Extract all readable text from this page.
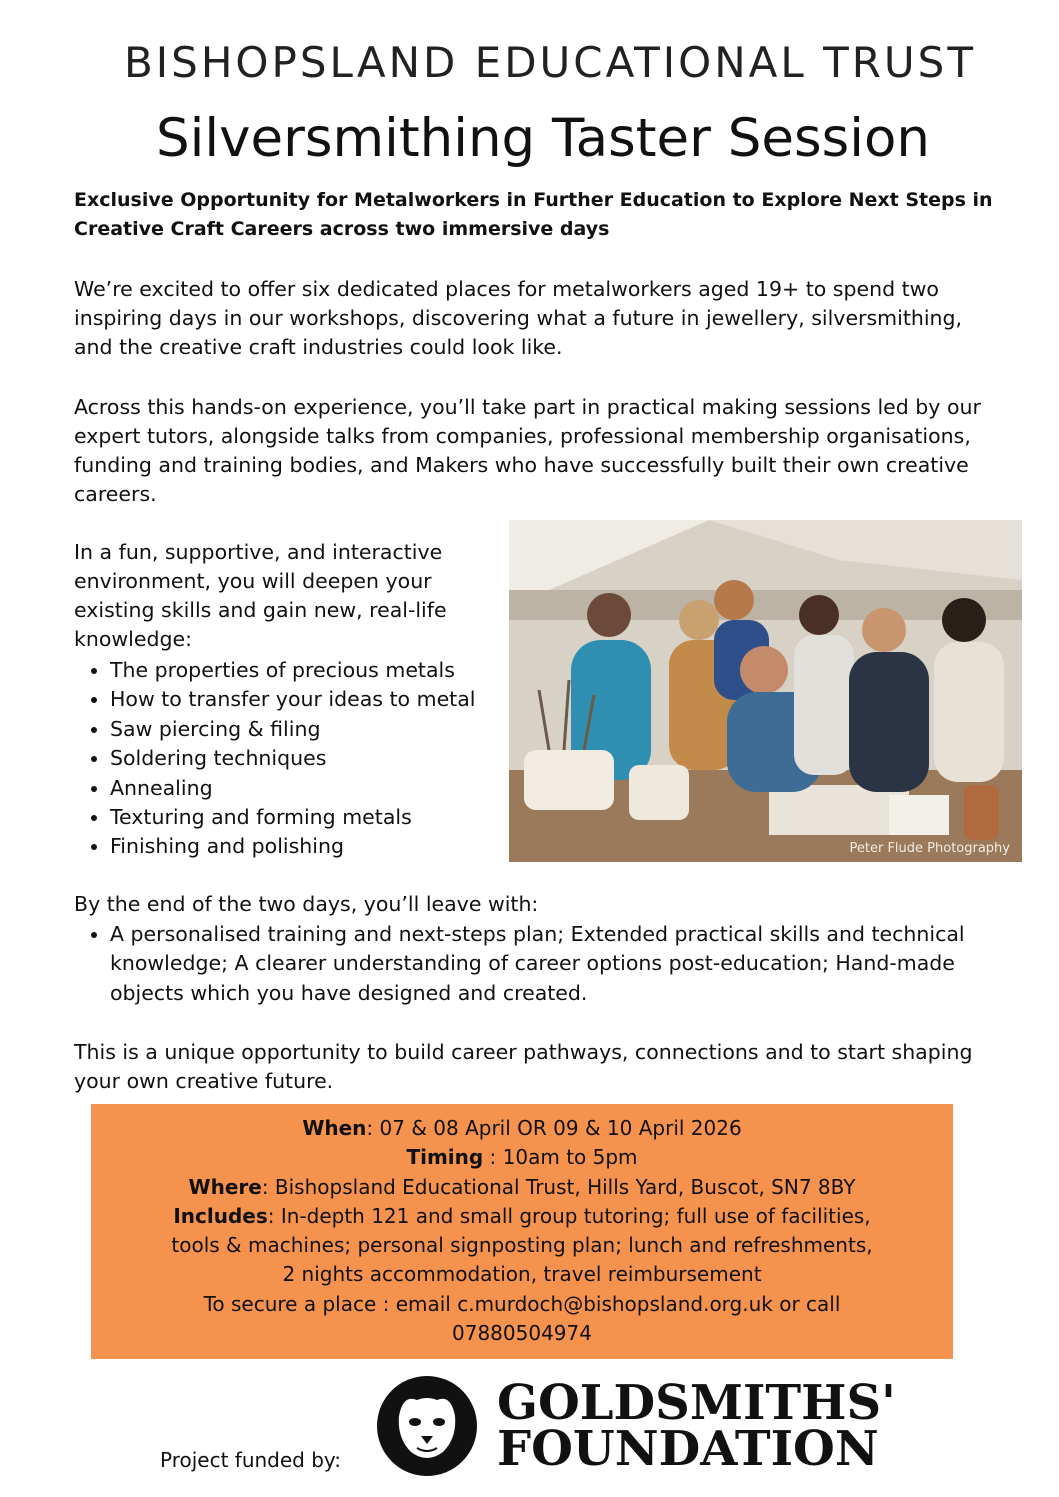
BISHOPSLAND EDUCATIONAL TRUST
Silversmithing Taster Session

Exclusive Opportunity for Metalworkers in Further Education to Explore Next Steps in Creative Craft Careers across two immersive days

We’re excited to offer six dedicated places for metalworkers aged 19+ to spend two inspiring days in our workshops, discovering what a future in jewellery, silversmithing, and the creative craft industries could look like.

Across this hands-on experience, you’ll take part in practical making sessions led by our expert tutors, alongside talks from companies, professional membership organisations, funding and training bodies, and Makers who have successfully built their own creative careers.

In a fun, supportive, and interactive environment, you will deepen your existing skills and gain new, real-life knowledge:

• The properties of precious metals
• How to transfer your ideas to metal
• Saw piercing & filing
• Soldering techniques
• Annealing
• Texturing and forming metals
• Finishing and polishing	Peter Flude Photography

By the end of the two days, you’ll leave with:

• A personalised training and next-steps plan; Extended practical skills and technical knowledge; A clearer understanding of career options post-education; Hand-made objects which you have designed and created.

This is a unique opportunity to build career pathways, connections and to start shaping your own creative future.

When: 07 & 08 April OR 09 & 10 April 2026

Timing : 10am to 5pm

Where: Bishopsland Educational Trust, Hills Yard, Buscot, SN7 8BY

Includes: In-depth 121 and small group tutoring; full use of facilities, tools & machines; personal signposting plan; lunch and refreshments, 2 nights accommodation, travel reimbursement

To secure a place : email c.murdoch@bishopsland.org.uk or call 07880504974

Project funded by:
GOLDSMITHS'
FOUNDATION
